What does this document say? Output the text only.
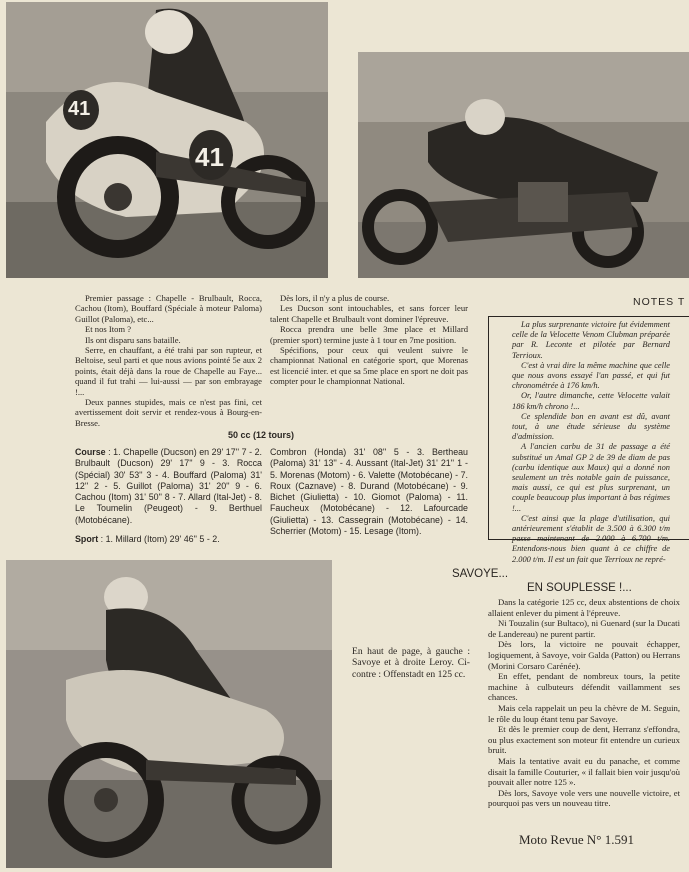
41
41

Premier passage : Chapelle - Brulbault, Rocca, Cachou (Itom), Bouffard (Spéciale à moteur Paloma) Guillot (Paloma), etc...

Et nos Itom ?

Ils ont disparu sans bataille.

Serre, en chauffant, a été trahi par son rupteur, et Beltoise, seul parti et que nous avions pointé 5e aux 2 points, était déjà dans la roue de Chapelle au Faye... quand il fut trahi — lui-aussi — par son embrayage !...

Deux pannes stupides, mais ce n'est pas fini, cet avertissement doit servir et rendez-vous à Bourg-en-Bresse.

Dès lors, il n'y a plus de course.

Les Ducson sont intouchables, et sans forcer leur talent Chapelle et Brulbault vont dominer l'épreuve.

Rocca prendra une belle 3me place et Millard (premier sport) termine juste à 1 tour en 7me position.

Spécifions, pour ceux qui veulent suivre le championnat National en catégorie sport, que Morenas est licencié inter. et que sa 5me place en sport ne doit pas compter pour le championnat National.

50 cc (12 tours)

Course : 1. Chapelle (Ducson) en 29' 17'' 7 - 2. Brulbault (Ducson) 29' 17'' 9 - 3. Rocca (Spécial) 30' 53'' 3 - 4. Bouffard (Paloma) 31' 12'' 2 - 5. Guillot (Paloma) 31' 20'' 9 - 6. Cachou (Itom) 31' 50'' 8 - 7. Allard (Ital-Jet) - 8. Le Toumelin (Peugeot) - 9. Berthuel (Motobécane).

Sport : 1. Millard (Itom) 29' 46'' 5 - 2.

Combron (Honda) 31' 08'' 5 - 3. Bertheau (Paloma) 31' 13'' - 4. Aussant (Ital-Jet) 31' 21'' 1 - 5. Morenas (Motom) - 6. Valette (Motobécane) - 7. Roux (Caznave) - 8. Durand (Motobécane) - 9. Bichet (Giulietta) - 10. Giomot (Paloma) - 11. Faucheux (Motobécane) - 12. Lafourcade (Giulietta) - 13. Cassegrain (Motobécane) - 14. Scherrier (Motom) - 15. Lesage (Itom).

NOTES T

La plus surprenante victoire fut évidemment celle de la Velocette Venom Clubman préparée par R. Leconte et pilotée par Bernard Terrioux.

C'est à vrai dire la même machine que celle que nous avons essayé l'an passé, et qui fut chronométrée à 176 km/h.

Or, l'autre dimanche, cette Velocette valait 186 km/h chrono !...

Ce splendide bon en avant est dû, avant tout, à une étude sérieuse du système d'admission.

A l'ancien carbu de 31 de passage a été substitué un Amal GP 2 de 39 de diam de pas (carbu identique aux Maux) qui a donné non seulement un très notable gain de puissance, mais aussi, ce qui est plus surprenant, un couple beaucoup plus important à bas régimes !...

C'est ainsi que la plage d'utilisation, qui antérieurement s'établit de 3.500 à 6.300 t/m passe maintenant de 2.000 à 6.700 t/m. Entendons-nous bien quant à ce chiffre de 2.000 t/m. Il est un fait que Terrioux ne repré-

En haut de page, à gauche : Savoye et à droite Leroy. Ci-contre : Offenstadt en 125 cc.
SAVOYE...
EN SOUPLESSE !...

Dans la catégorie 125 cc, deux abstentions de choix allaient enlever du piment à l'épreuve.

Ni Touzalin (sur Bultaco), ni Guenard (sur la Ducati de Landereau) ne purent partir.

Dès lors, la victoire ne pouvait échapper, logiquement, à Savoye, voir Galda (Patton) ou Herrans (Morini Corsaro Carénée).

En effet, pendant de nombreux tours, la petite machine à culbuteurs défendit vaillamment ses chances.

Mais cela rappelait un peu la chèvre de M. Seguin, le rôle du loup étant tenu par Savoye.

Et dès le premier coup de dent, Herranz s'effondra, ou plus exactement son moteur fit entendre un curieux bruit.

Mais la tentative avait eu du panache, et comme disait la famille Couturier, « il fallait bien voir jusqu'où pouvait aller notre 125 ».

Dès lors, Savoye vole vers une nouvelle victoire, et pourquoi pas vers un nouveau titre.

Moto Revue N° 1.591
